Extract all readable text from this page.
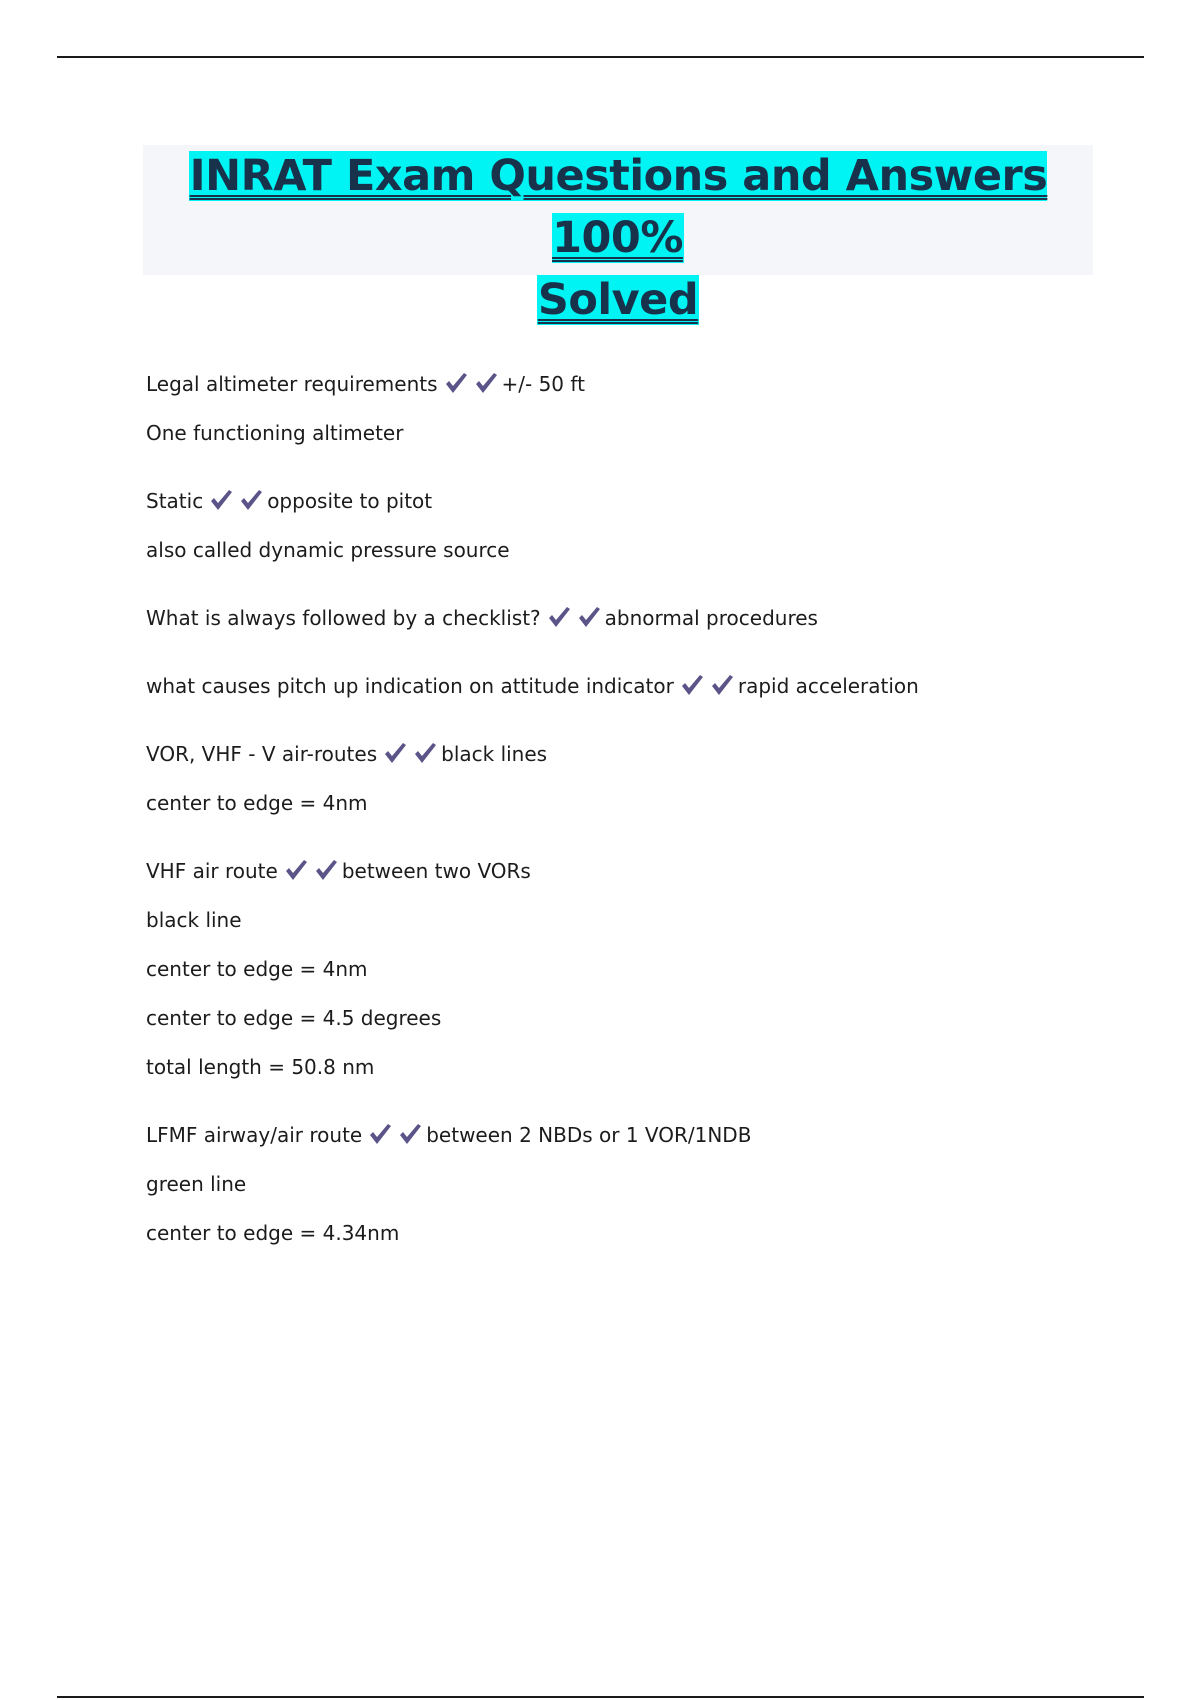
INRAT Exam Questions and Answers 100%
Solved
Legal altimeter requirements	+/- 50 ft
One functioning altimeter
Static	opposite to pitot
also called dynamic pressure source
What is always followed by a checklist?	abnormal procedures
what causes pitch up indication on attitude indicator	rapid acceleration
VOR, VHF - V air-routes	black lines
center to edge = 4nm
VHF air route	between two VORs
black line
center to edge = 4nm
center to edge = 4.5 degrees
total length = 50.8 nm
LFMF airway/air route	between 2 NBDs or 1 VOR/1NDB
green line
center to edge = 4.34nm
